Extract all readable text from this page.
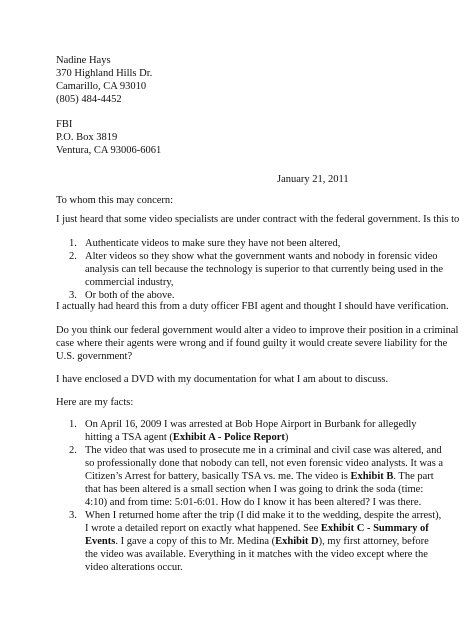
Nadine Hays
370 Highland Hills Dr.
Camarillo, CA 93010
(805) 484-4452
FBI
P.O. Box 3819
Ventura, CA 93006-6061
January 21, 2011
To whom this may concern:
I just heard that some video specialists are under contract with the federal government. Is this to
1. Authenticate videos to make sure they have not been altered,
2. Alter videos so they show what the government wants and nobody in forensic video
analysis can tell because the technology is superior to that currently being used in the
commercial industry,
3. Or both of the above.
I actually had heard this from a duty officer FBI agent and thought I should have verification.
Do you think our federal government would alter a video to improve their position in a criminal
case where their agents were wrong and if found guilty it would create severe liability for the
U.S. government?
I have enclosed a DVD with my documentation for what I am about to discuss.
Here are my facts:
1. On April 16, 2009 I was arrested at Bob Hope Airport in Burbank for allegedly
hitting a TSA agent (Exhibit A - Police Report)
2. The video that was used to prosecute me in a criminal and civil case was altered, and
so professionally done that nobody can tell, not even forensic video analysts. It was a
Citizen’s Arrest for battery, basically TSA vs. me. The video is Exhibit B. The part
that has been altered is a small section when I was going to drink the soda (time:
4:10) and from time: 5:01-6:01. How do I know it has been altered? I was there.
3. When I returned home after the trip (I did make it to the wedding, despite the arrest),
I wrote a detailed report on exactly what happened. See Exhibit C - Summary of
Events. I gave a copy of this to Mr. Medina (Exhibit D), my first attorney, before
the video was available. Everything in it matches with the video except where the
video alterations occur.
